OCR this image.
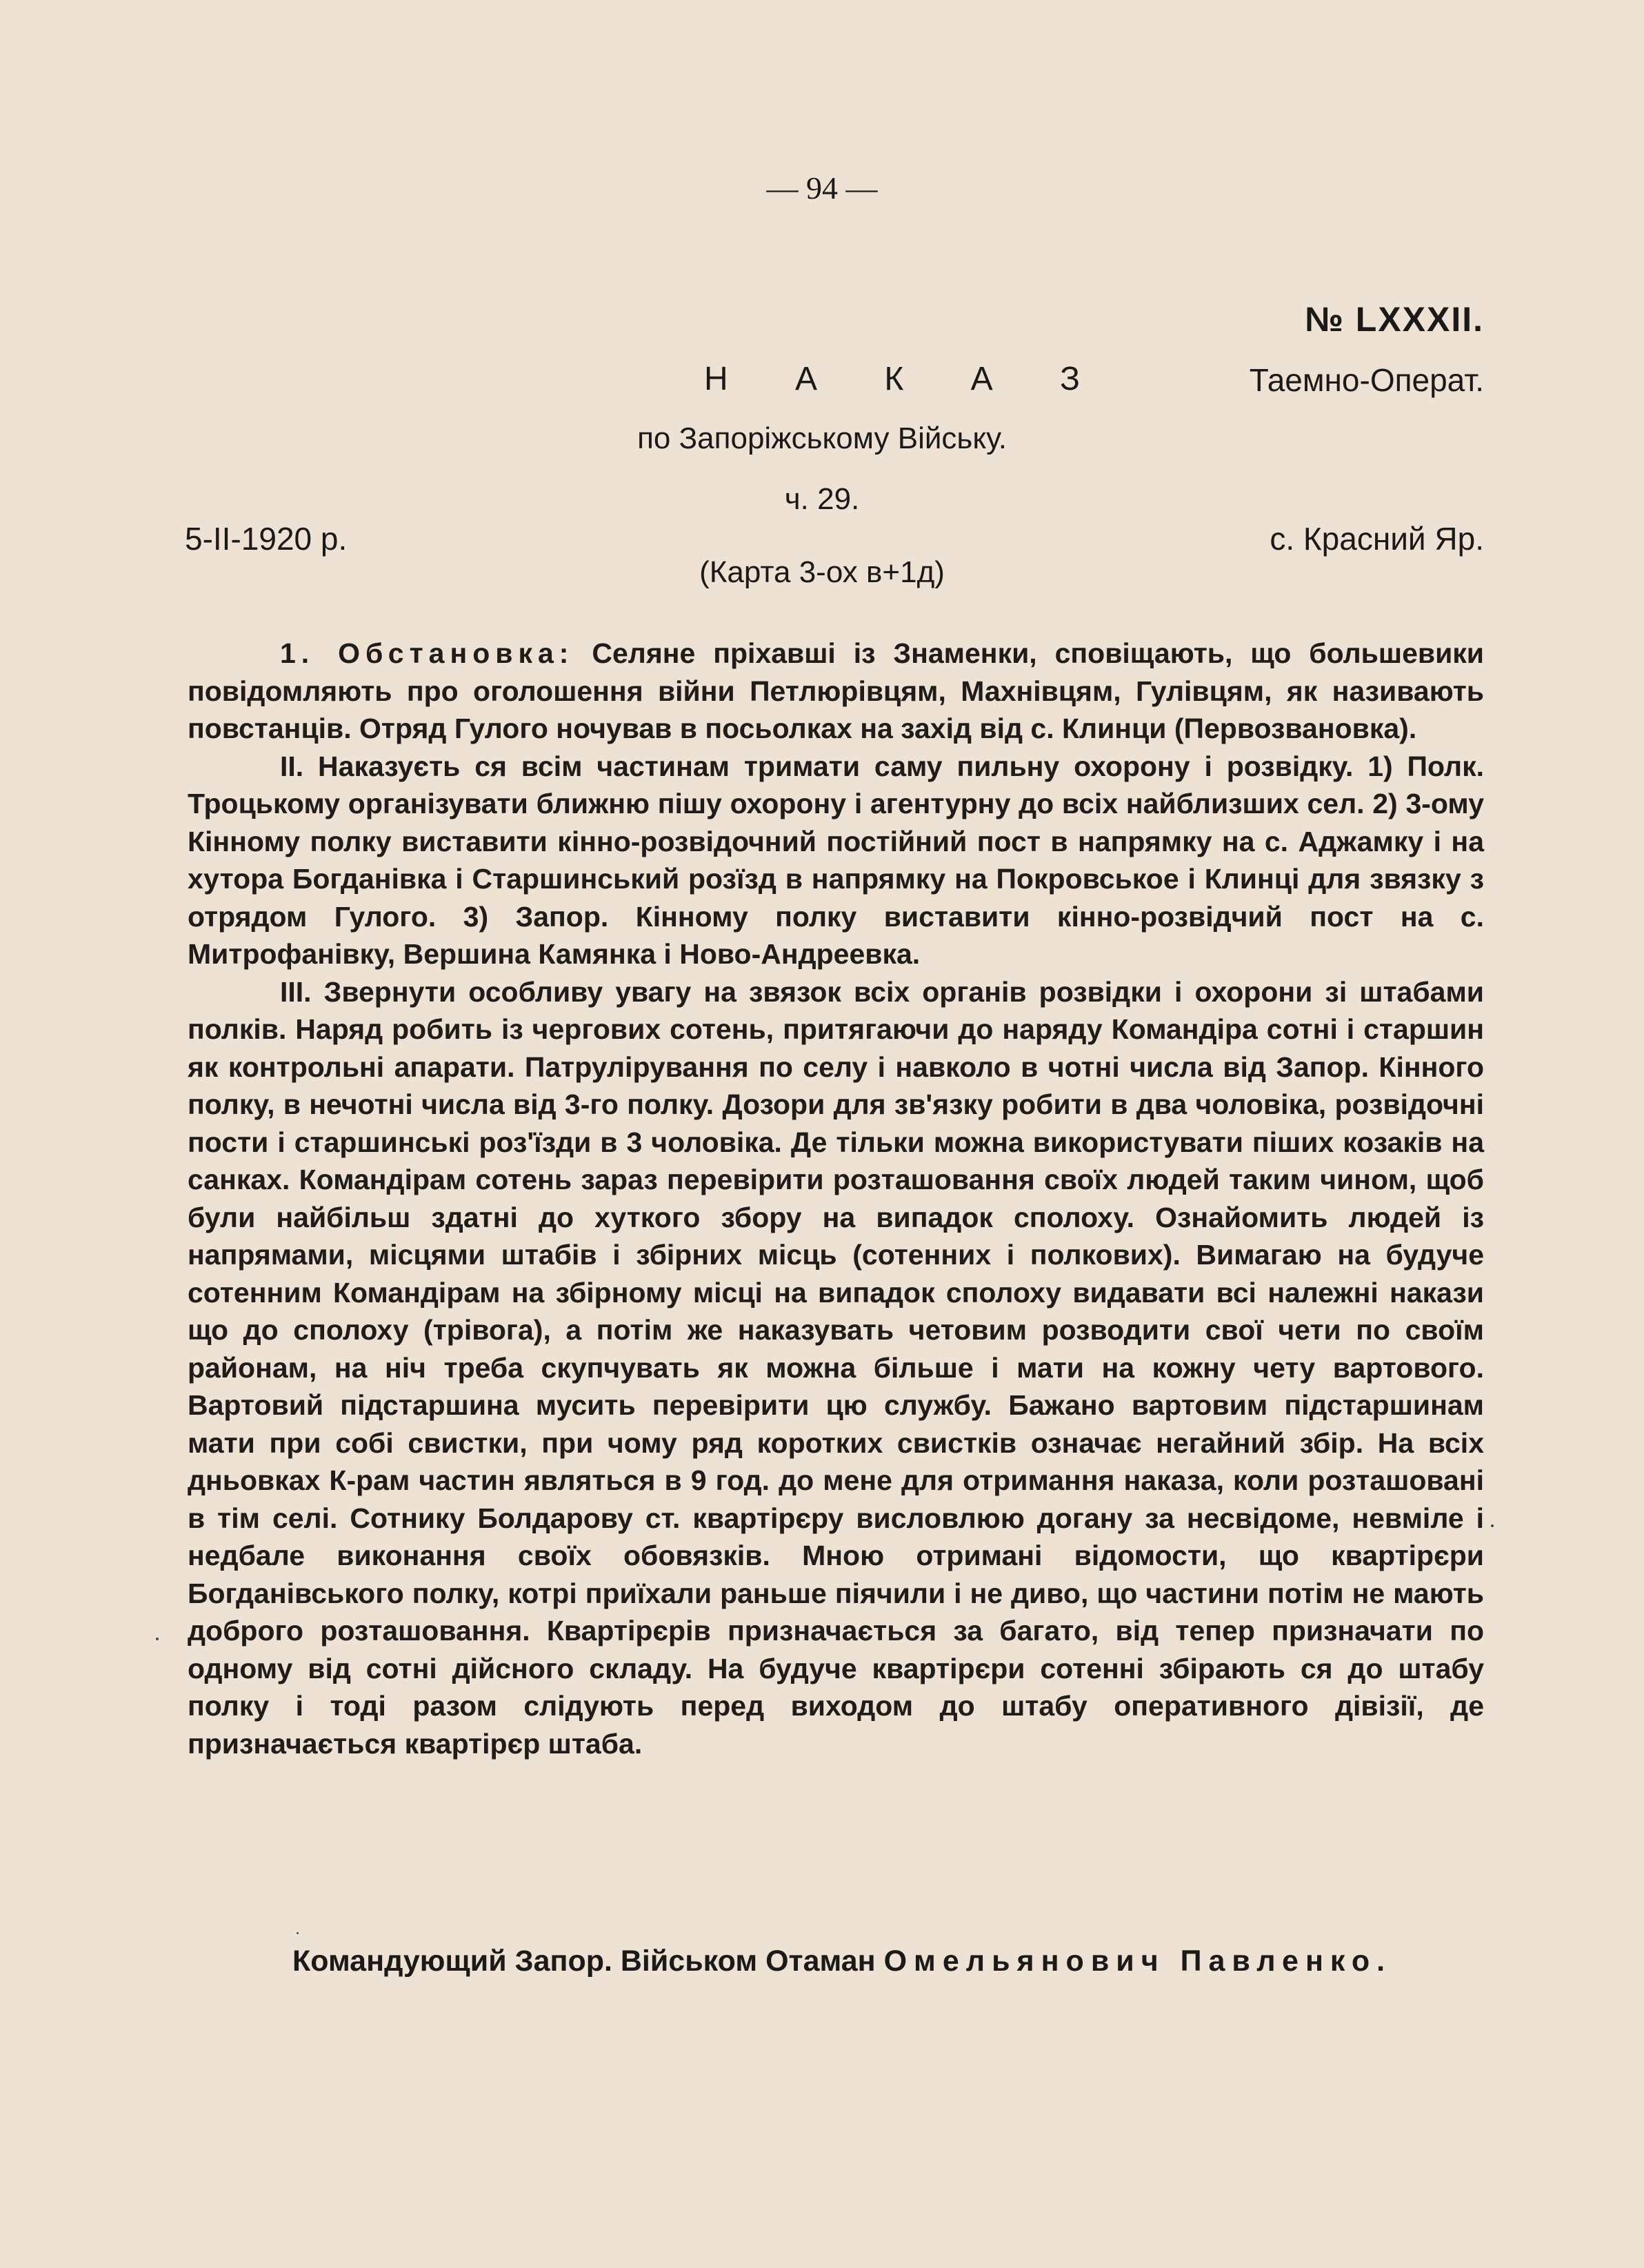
— 94 —
№ LXXXII.
Н А К А З	Таемно-Операт.
по Запоріжському Війську.
ч. 29.
5-II-1920 р.	с. Красний Яр.
(Карта 3-ох в+1д)

1. Обстановка: Селяне пріхавші із Знаменки, сповіщають, що большевики повідомляють про оголошення війни Петлюрівцям, Махнівцям, Гулівцям, як називають повстанців. Отряд Гулого ночував в посьолках на захід від с. Клинци (Первозвановка).

II. Наказуєть ся всім частинам тримати саму пильну охорону і розвідку. 1) Полк. Троцькому організувати ближню пішу охорону і агентурну до всіх найблизших сел. 2) 3-ому Кінному полку виставити кінно-розвідочний постійний пост в напрямку на с. Аджамку і на хутора Богданівка і Старшинський розїзд в напрямку на Покровськое і Клинці для звязку з отрядом Гулого. 3) Запор. Кінному полку виставити кінно-розвідчий пост на с. Митрофанівку, Вершина Камянка і Ново-Андреевка.

III. Звернути особливу увагу на звязок всіх органів розвідки і охорони зі штабами полків. Наряд робить із чергових сотень, притягаючи до наряду Командіра сотні і старшин як контрольні апарати. Патрулірування по селу і навколо в чотні числа від Запор. Кінного полку, в нечотні числа від 3-го полку. Дозори для зв'язку робити в два чоловіка, розвідочні пости і старшинські роз'їзди в 3 чоловіка. Де тільки можна використувати піших козаків на санках. Командірам сотень зараз перевірити розташовання своїх людей таким чином, щоб були найбільш здатні до хуткого збору на випадок сполоху. Ознайомить людей із напрямами, місцями штабів і збірних місць (сотенних і полкових). Вимагаю на будуче сотенним Командірам на збірному місці на випадок сполоху видавати всі належні накази що до сполоху (трівога), а потім же наказувать четовим розводити свої чети по своїм районам, на ніч треба скупчувать як можна більше і мати на кожну чету вартового. Вартовий підстаршина мусить перевірити цю службу. Бажано вартовим підстаршинам мати при собі свистки, при чому ряд коротких свистків означає негайний збір. На всіх дньовках К-рам частин являться в 9 год. до мене для отримання наказа, коли розташовані в тім селі. Сотнику Болдарову ст. квартірєру висловлюю догану за несвідоме, невміле і недбале виконання своїх обовязків. Мною отримані відомости, що квартірєри Богданівського полку, котрі приїхали раньше піячили і не диво, що частини потім не мають доброго розташовання. Квартірєрів призначається за багато, від тепер призначати по одному від сотні дійсного складу. На будуче квартірєри сотенні збірають ся до штабу полку і тоді разом слідують перед виходом до штабу оперативного дівізії, де призначається квартірєр штаба.

Командующий Запор. Військом Отаман Омельянович Павленко.
